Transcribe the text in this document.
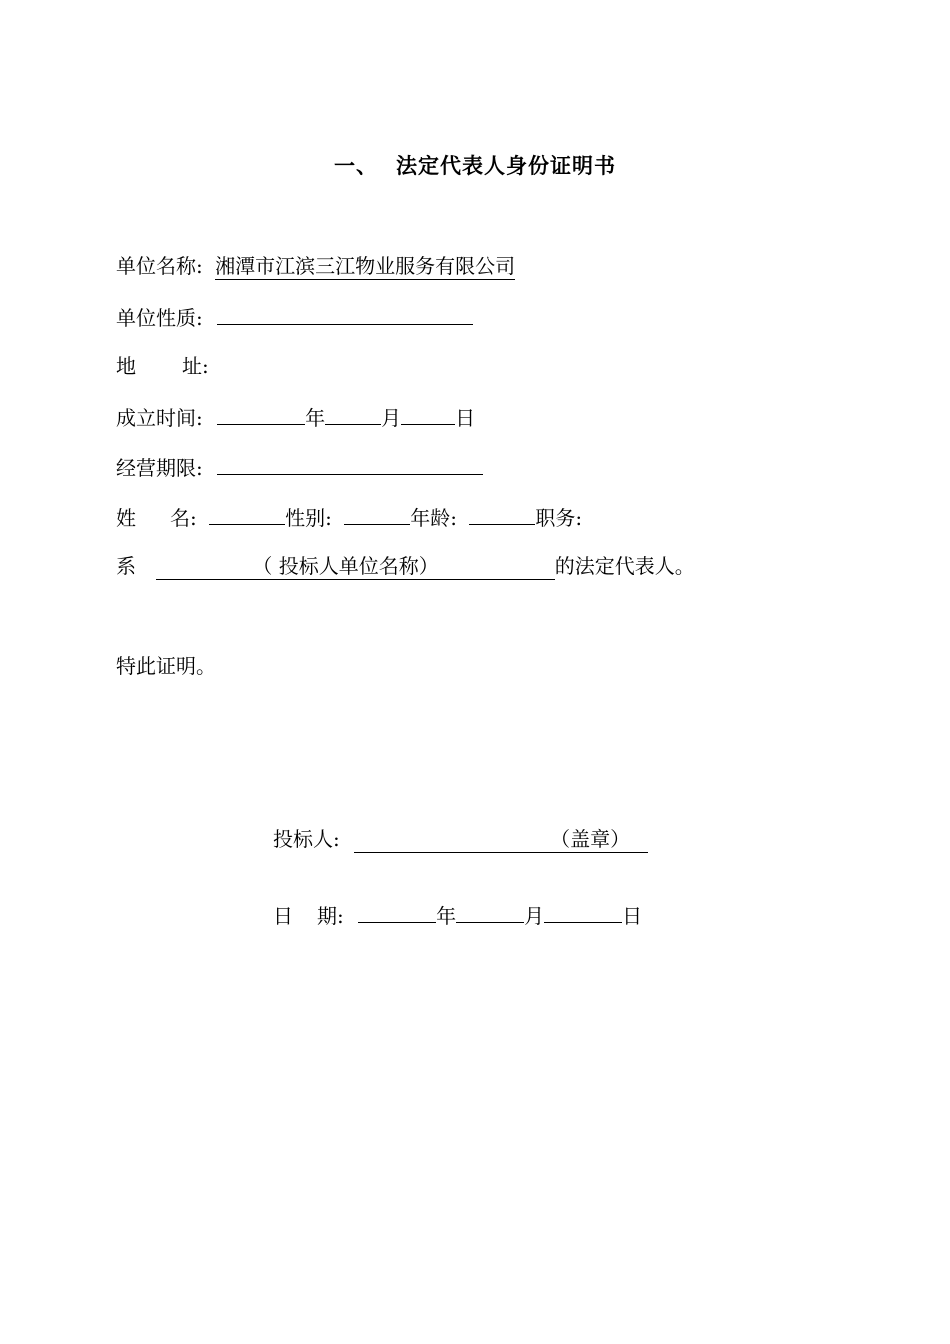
一、 法定代表人身份证明书
单位名称: 湘潭市江滨三江物业服务有限公司
单位性质:
地 址:
成立时间:	年	月	日
经营期限:
姓 名:	性别:	年龄:	职务:
系	（ 投标人单位名称）	的法定代表人。
特此证明。
投标人:	（盖章）
日 期:	年	月	日
